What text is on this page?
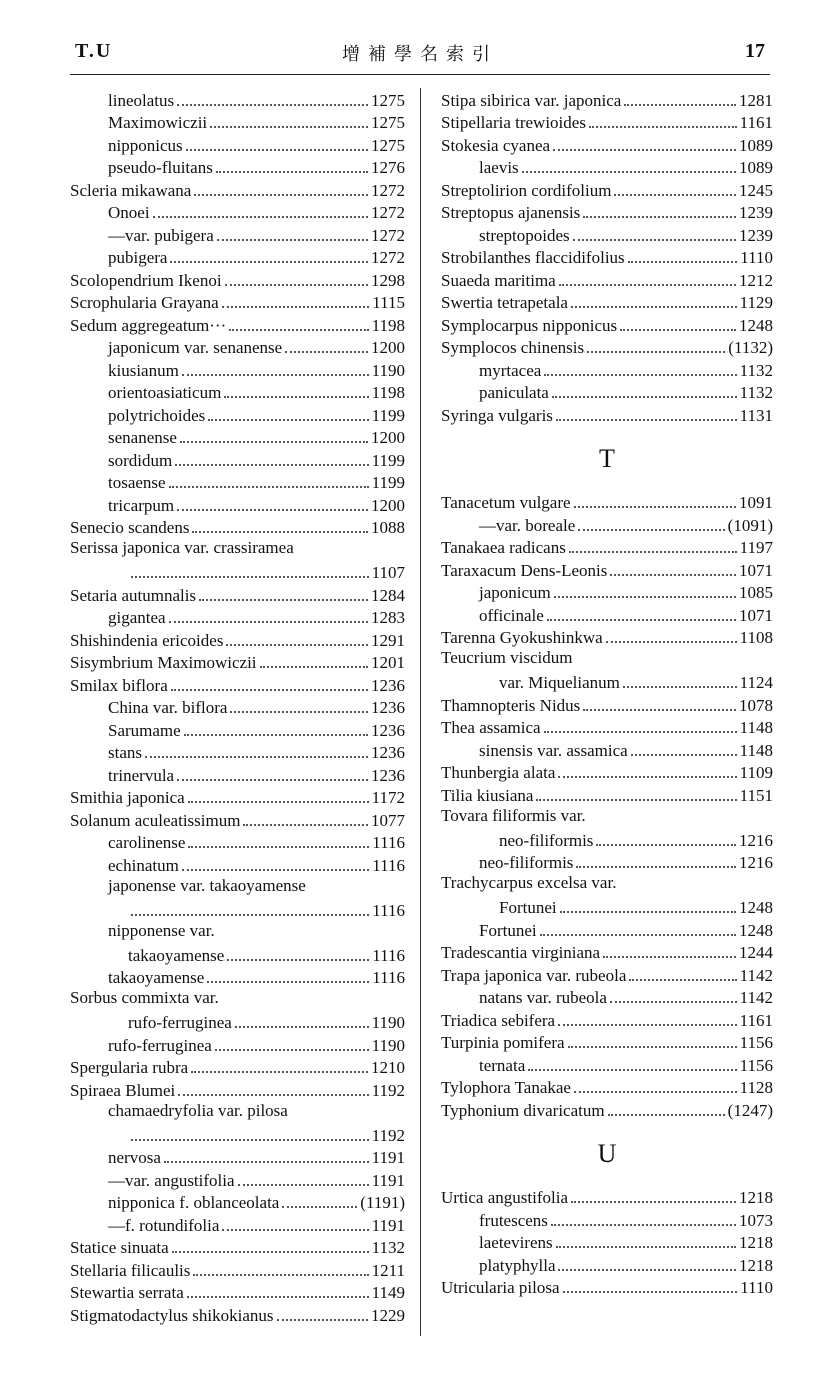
T.U	增補學名索引	17
lineolatus	1275
Maximowiczii	1275
nipponicus	1275
pseudo-fluitans	1276
Scleria mikawana	1272
Onoei	1272
—var. pubigera	1272
pubigera	1272
Scolopendrium Ikenoi	1298
Scrophularia Grayana	1115
Sedum aggregeatum···	1198
japonicum var. senanense	1200
kiusianum	1190
orientoasiaticum	1198
polytrichoides	1199
senanense	1200
sordidum	1199
tosaense	1199
tricarpum	1200
Senecio scandens	1088
Serissa japonica var. crassiramea
1107
Setaria autumnalis	1284
gigantea	1283
Shishindenia ericoides	1291
Sisymbrium Maximowiczii	1201
Smilax biflora	1236
China var. biflora	1236
Sarumame	1236
stans	1236
trinervula	1236
Smithia japonica	1172
Solanum aculeatissimum	1077
carolinense	1116
echinatum	1116
japonense var. takaoyamense
1116
nipponense var.
takaoyamense	1116
takaoyamense	1116
Sorbus commixta var.
rufo-ferruginea	1190
rufo-ferruginea	1190
Spergularia rubra	1210
Spiraea Blumei	1192
chamaedryfolia var. pilosa
1192
nervosa	1191
—var. angustifolia	1191
nipponica f. oblanceolata	(1191)
—f. rotundifolia	1191
Statice sinuata	1132
Stellaria filicaulis	1211
Stewartia serrata	1149
Stigmatodactylus shikokianus	1229
Stipa sibirica var. japonica	1281
Stipellaria trewioides	1161
Stokesia cyanea	1089
laevis	1089
Streptolirion cordifolium	1245
Streptopus ajanensis	1239
streptopoides	1239
Strobilanthes flaccidifolius	1110
Suaeda maritima	1212
Swertia tetrapetala	1129
Symplocarpus nipponicus	1248
Symplocos chinensis	(1132)
myrtacea	1132
paniculata	1132
Syringa vulgaris	1131
T
Tanacetum vulgare	1091
—var. boreale	(1091)
Tanakaea radicans	1197
Taraxacum Dens-Leonis	1071
japonicum	1085
officinale	1071
Tarenna Gyokushinkwa	1108
Teucrium viscidum
var. Miquelianum	1124
Thamnopteris Nidus	1078
Thea assamica	1148
sinensis var. assamica	1148
Thunbergia alata	1109
Tilia kiusiana	1151
Tovara filiformis var.
neo-filiformis	1216
neo-filiformis	1216
Trachycarpus excelsa var.
Fortunei	1248
Fortunei	1248
Tradescantia virginiana	1244
Trapa japonica var. rubeola	1142
natans var. rubeola	1142
Triadica sebifera	1161
Turpinia pomifera	1156
ternata	1156
Tylophora Tanakae	1128
Typhonium divaricatum	(1247)
U
Urtica angustifolia	1218
frutescens	1073
laetevirens	1218
platyphylla	1218
Utricularia pilosa	1110
